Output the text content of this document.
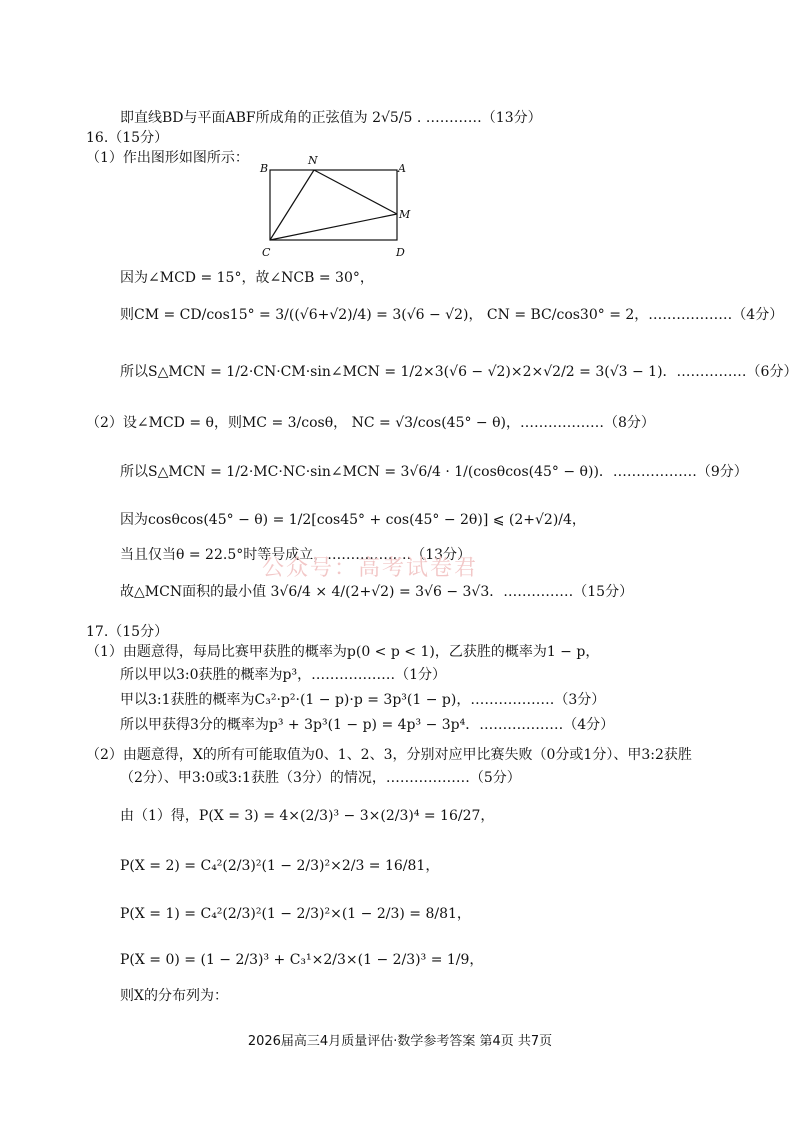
即直线BD与平面ABF所成角的正弦值为 2√5/5 . …………（13分）
16.（15分）
（1）作出图形如图所示：
B
N
A
M
C	D
因为∠MCD = 15°，故∠NCB = 30°，
则CM = CD/cos15° = 3/((√6+√2)/4) = 3(√6 − √2)， CN = BC/cos30° = 2，………………（4分）
所以S△MCN = 1/2·CN·CM·sin∠MCN = 1/2×3(√6 − √2)×2×√2/2 = 3(√3 − 1)．……………（6分）
（2）设∠MCD = θ，则MC = 3/cosθ， NC = √3/cos(45° − θ)，………………（8分）
所以S△MCN = 1/2·MC·NC·sin∠MCN = 3√6/4 · 1/(cosθcos(45° − θ))．………………（9分）
因为cosθcos(45° − θ) = 1/2[cos45° + cos(45° − 2θ)] ⩽ (2+√2)/4，
当且仅当θ = 22.5°时等号成立，………………（13分）
故△MCN面积的最小值 3√6/4 × 4/(2+√2) = 3√6 − 3√3．……………（15分）
17.（15分）
（1）由题意得，每局比赛甲获胜的概率为p(0 < p < 1)，乙获胜的概率为1 − p，
所以甲以3:0获胜的概率为p³，………………（1分）
甲以3:1获胜的概率为C₃²·p²·(1 − p)·p = 3p³(1 − p)，………………（3分）
所以甲获得3分的概率为p³ + 3p³(1 − p) = 4p³ − 3p⁴．………………（4分）
（2）由题意得，X的所有可能取值为0、1、2、3，分别对应甲比赛失败（0分或1分）、甲3:2获胜
（2分）、甲3:0或3:1获胜（3分）的情况，………………（5分）
由（1）得，P(X = 3) = 4×(2/3)³ − 3×(2/3)⁴ = 16/27，
P(X = 2) = C₄²(2/3)²(1 − 2/3)²×2/3 = 16/81，
P(X = 1) = C₄²(2/3)²(1 − 2/3)²×(1 − 2/3) = 8/81，
P(X = 0) = (1 − 2/3)³ + C₃¹×2/3×(1 − 2/3)³ = 1/9，
则X的分布列为：
公众号：高考试卷君
2026届高三4月质量评估·数学参考答案 第4页 共7页
